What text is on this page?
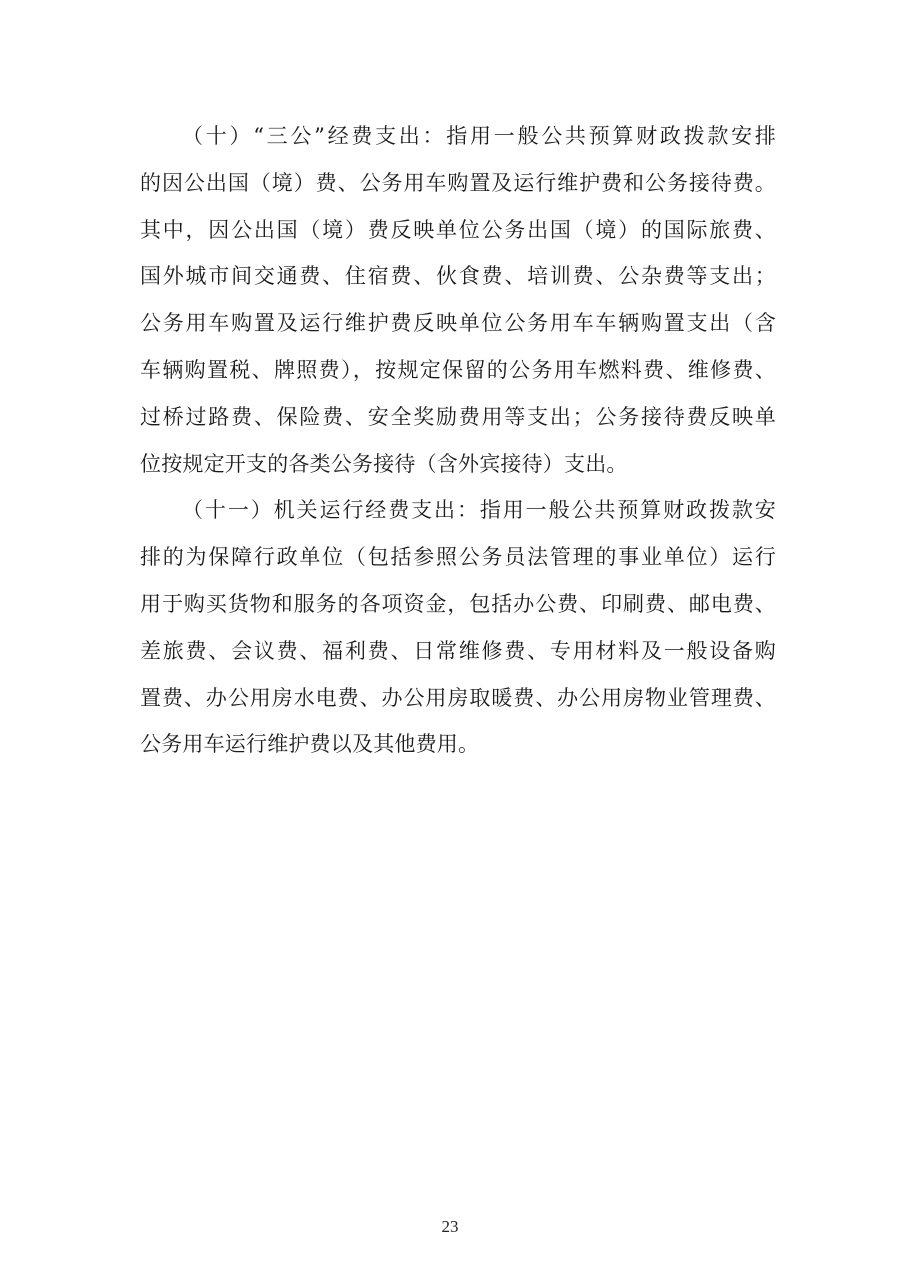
（十）“三公”经费支出：指用一般公共预算财政拨款安排
的因公出国（境）费、公务用车购置及运行维护费和公务接待费。
其中，因公出国（境）费反映单位公务出国（境）的国际旅费、
国外城市间交通费、住宿费、伙食费、培训费、公杂费等支出；
公务用车购置及运行维护费反映单位公务用车车辆购置支出（含
车辆购置税、牌照费），按规定保留的公务用车燃料费、维修费、
过桥过路费、保险费、安全奖励费用等支出；公务接待费反映单
位按规定开支的各类公务接待（含外宾接待）支出。
（十一）机关运行经费支出：指用一般公共预算财政拨款安
排的为保障行政单位（包括参照公务员法管理的事业单位）运行
用于购买货物和服务的各项资金，包括办公费、印刷费、邮电费、
差旅费、会议费、福利费、日常维修费、专用材料及一般设备购
置费、办公用房水电费、办公用房取暖费、办公用房物业管理费、
公务用车运行维护费以及其他费用。
23
